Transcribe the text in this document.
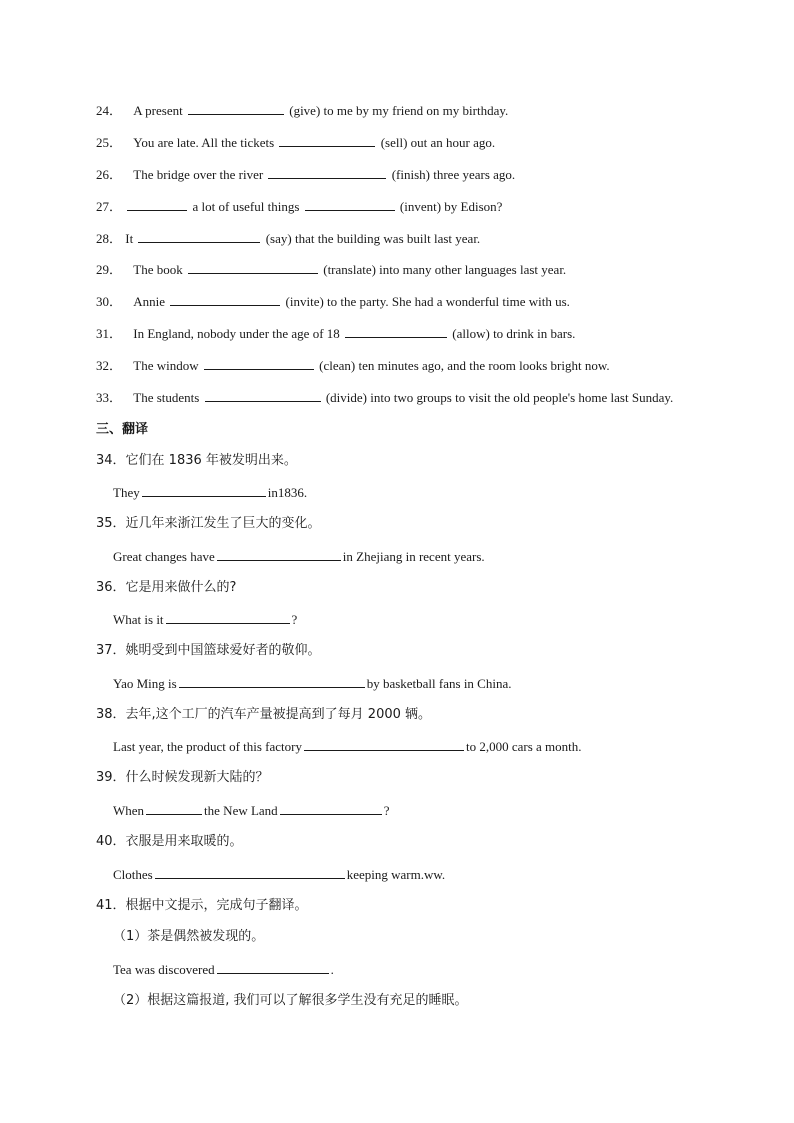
24． A present	(give) to me by my friend on my birthday.
25． You are late. All the tickets	(sell) out an hour ago.
26． The bridge over the river	(finish) three years ago.
27．	a lot of useful things	(invent) by Edison?
28． It	(say) that the building was built last year.
29． The book	(translate) into many other languages last year.
30． Annie	(invite) to the party. She had a wonderful time with us.
31． In England, nobody under the age of 18	(allow) to drink in bars.
32． The window	(clean) ten minutes ago, and the room looks bright now.
33． The students	(divide) into two groups to visit the old people's home last Sunday.
三、翻译
34．它们在 1836 年被发明出来。
They	in1836.
35．近几年来浙江发生了巨大的变化。
Great changes have	in Zhejiang in recent years.
36．它是用来做什么的?
What is it	?
37．姚明受到中国篮球爱好者的敬仰。
Yao Ming is	by basketball fans in China.
38．去年,这个工厂的汽车产量被提高到了每月 2000 辆。
Last year, the product of this factory	to 2,000 cars a month.
39．什么时候发现新大陆的？
When	the New Land	?
40．衣服是用来取暖的。
Clothes	keeping warm.ww.
41．根据中文提示，完成句子翻译。
（1）茶是偶然被发现的。
Tea was discovered	.
（2）根据这篇报道, 我们可以了解很多学生没有充足的睡眠。
